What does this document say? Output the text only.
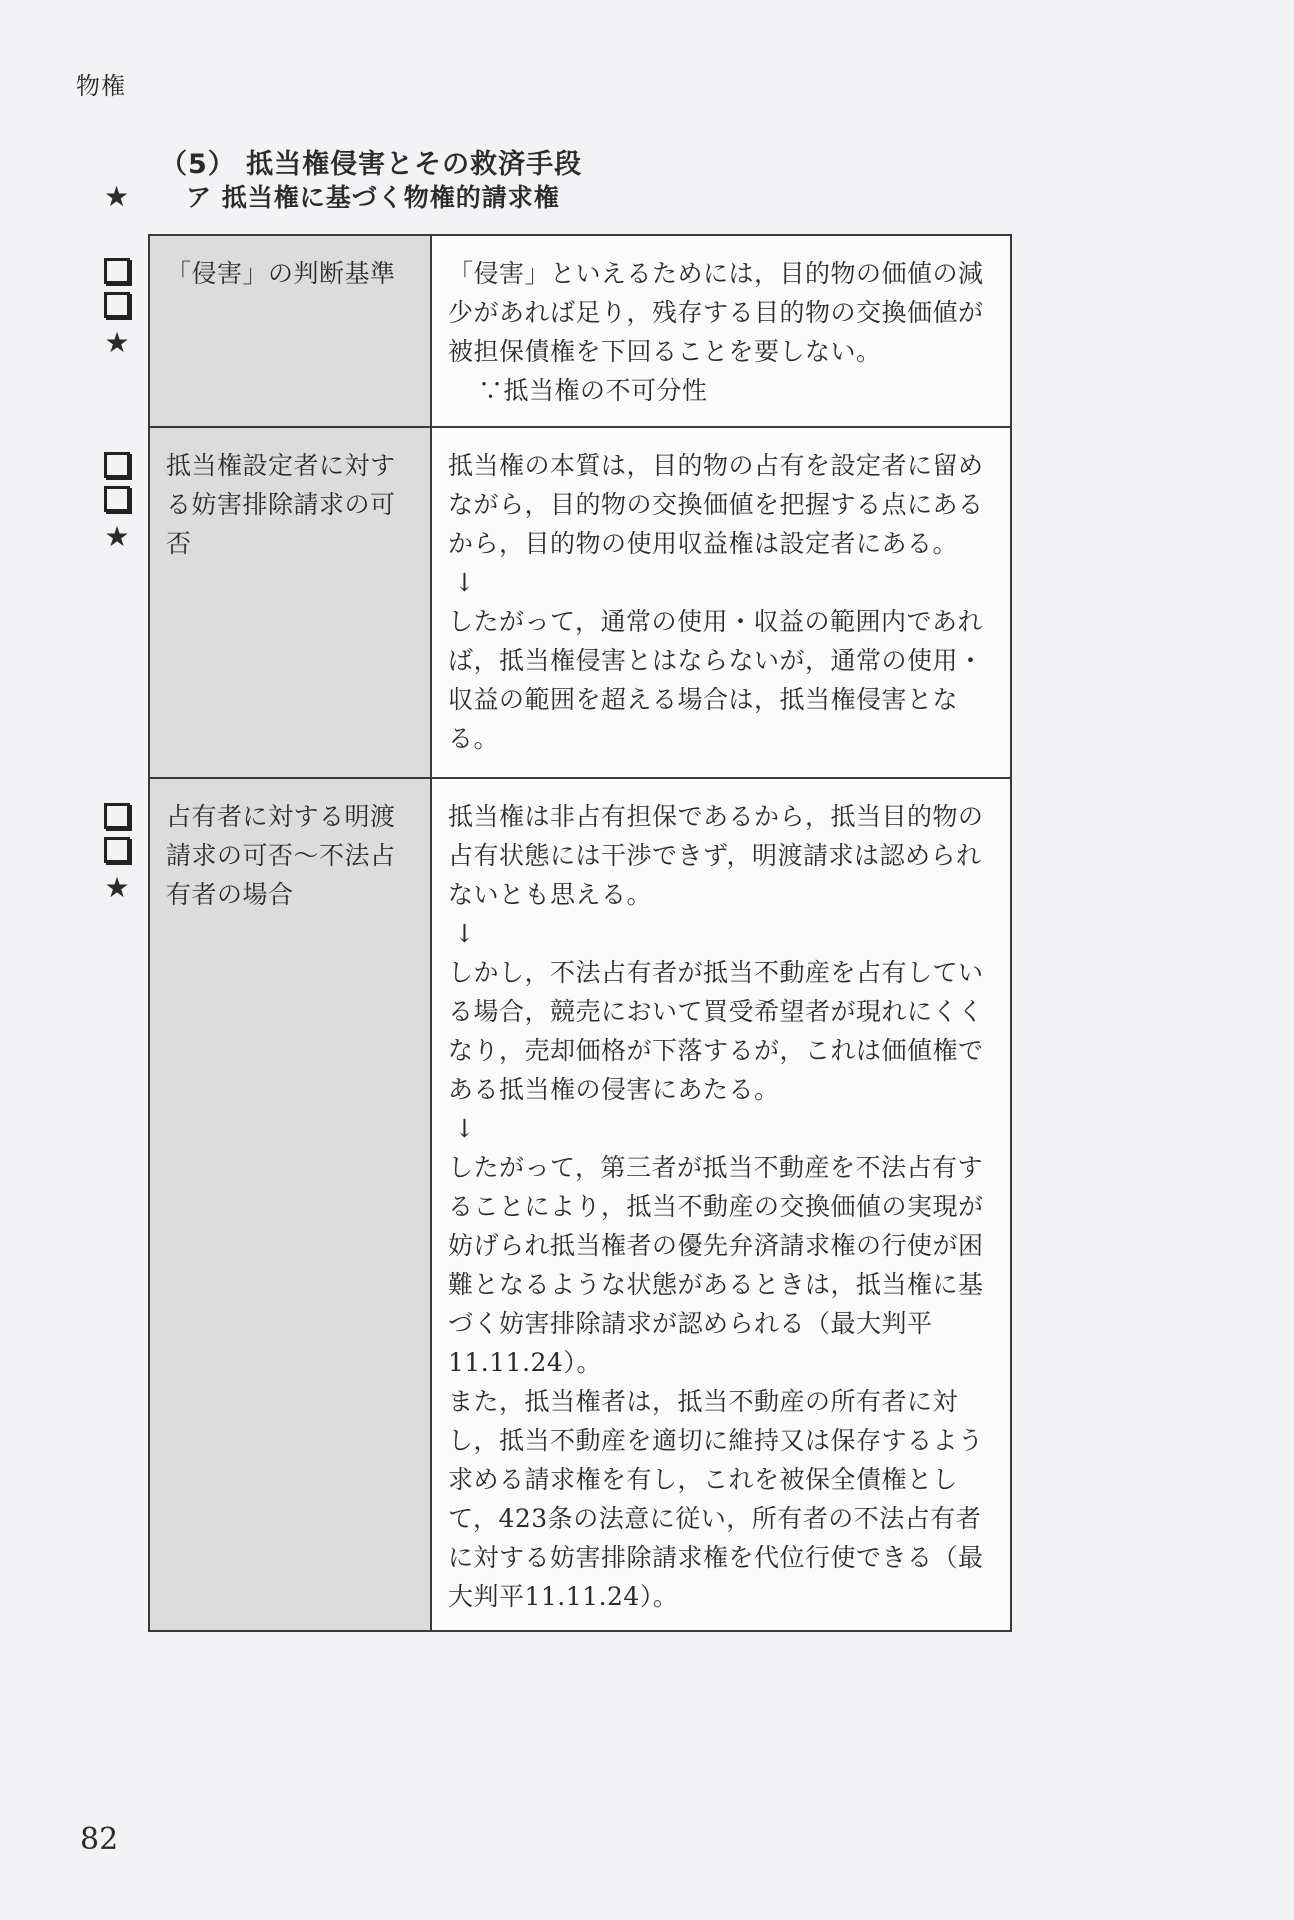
物権
（5） 抵当権侵害とその救済手段
★ ア 抵当権に基づく物権的請求権
★
★
★
「侵害」の判断基準	「侵害」といえるためには，目的物の価値の減少があれば足り，残存する目的物の交換価値が被担保債権を下回ることを要しない。

∵抵当権の不可分性

抵当権設定者に対する妨害排除請求の可否

抵当権の本質は，目的物の占有を設定者に留めながら，目的物の交換価値を把握する点にあるから，目的物の使用収益権は設定者にある。

↓

したがって，通常の使用・収益の範囲内であれば，抵当権侵害とはならないが，通常の使用・収益の範囲を超える場合は，抵当権侵害となる。

占有者に対する明渡請求の可否〜不法占有者の場合

抵当権は非占有担保であるから，抵当目的物の占有状態には干渉できず，明渡請求は認められないとも思える。

↓

しかし，不法占有者が抵当不動産を占有している場合，競売において買受希望者が現れにくくなり，売却価格が下落するが，これは価値権である抵当権の侵害にあたる。

↓

したがって，第三者が抵当不動産を不法占有することにより，抵当不動産の交換価値の実現が妨げられ抵当権者の優先弁済請求権の行使が困難となるような状態があるときは，抵当権に基づく妨害排除請求が認められる（最大判平11.11.24）。

また，抵当権者は，抵当不動産の所有者に対し，抵当不動産を適切に維持又は保存するよう求める請求権を有し，これを被保全債権として，423条の法意に従い，所有者の不法占有者に対する妨害排除請求権を代位行使できる（最大判平11.11.24）。

82
